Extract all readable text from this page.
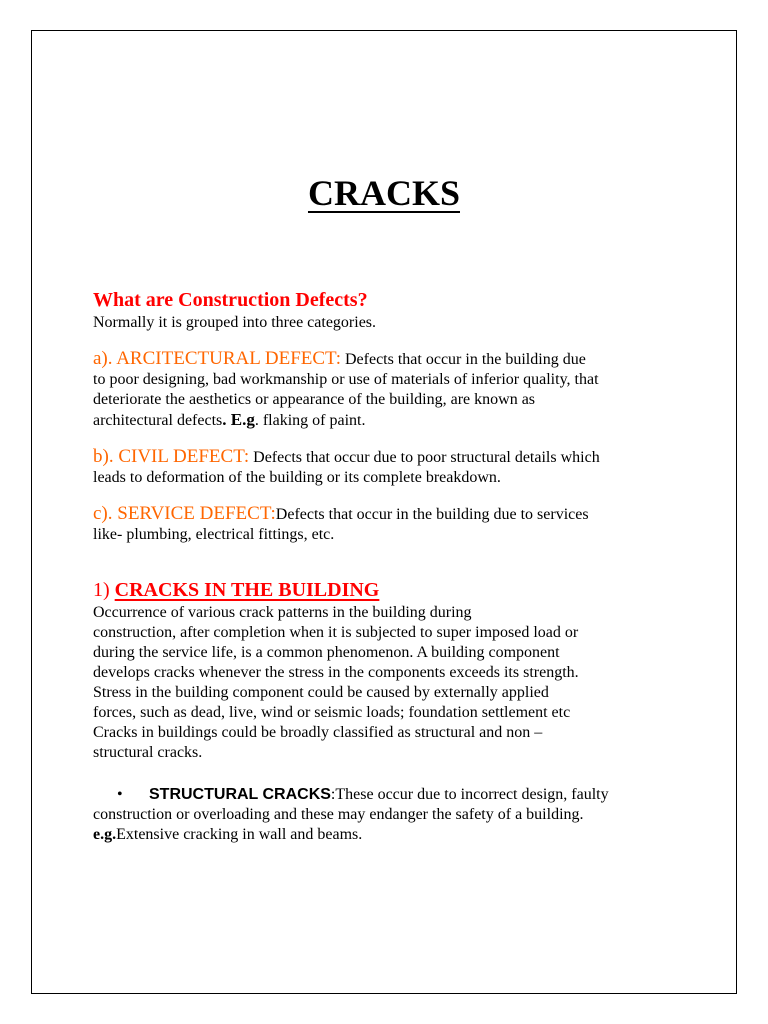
CRACKS
What are Construction Defects?

Normally it is grouped into three categories.

a). ARCITECTURAL DEFECT: Defects that occur in the building due
to poor designing, bad workmanship or use of materials of inferior quality, that
deteriorate the aesthetics or appearance of the building, are known as
architectural defects. E.g. flaking of paint.
b). CIVIL DEFECT: Defects that occur due to poor structural details which
leads to deformation of the building or its complete breakdown.
c). SERVICE DEFECT:Defects that occur in the building due to services
like- plumbing, electrical fittings, etc.
1) CRACKS IN THE BUILDING
Occurrence of various crack patterns in the building during
construction, after completion when it is subjected to super imposed load or
during the service life, is a common phenomenon. A building component
develops cracks whenever the stress in the components exceeds its strength.
Stress in the building component could be caused by externally applied
forces, such as dead, live, wind or seismic loads; foundation settlement etc
Cracks in buildings could be broadly classified as structural and non –
structural cracks.
•	STRUCTURAL CRACKS:These occur due to incorrect design, faulty
construction or overloading and these may endanger the safety of a building.
e.g.Extensive cracking in wall and beams.
